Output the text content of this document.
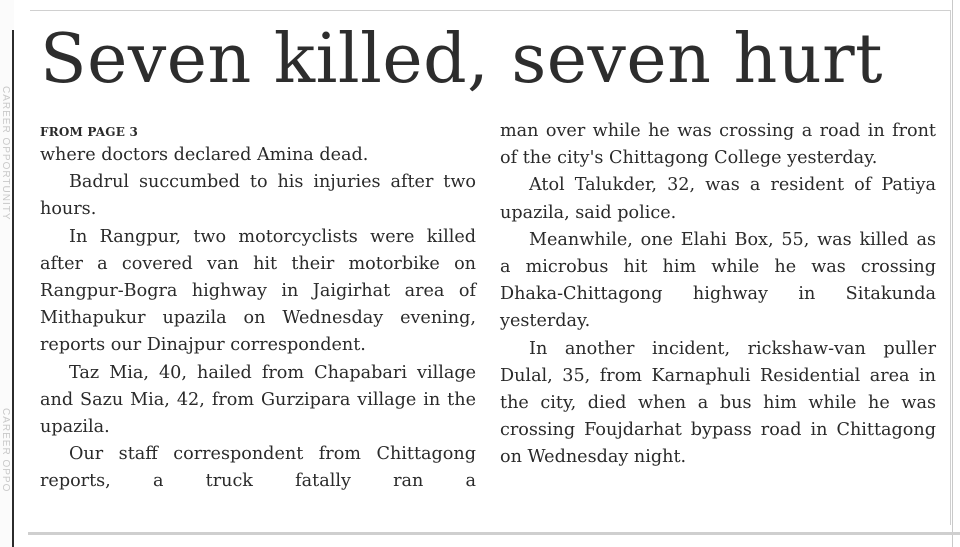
CAREER OPPORTUNITY
CAREER OPPO
Seven killed, seven hurt
FROM PAGE 3

where doctors declared Amina dead.

Badrul succumbed to his injuries after two hours.

In Rangpur, two motorcyclists were killed after a covered van hit their motorbike on Rangpur-Bogra highway in Jaigirhat area of Mithapukur upazila on Wednesday evening, reports our Dinajpur correspondent.

Taz Mia, 40, hailed from Chapabari village and Sazu Mia, 42, from Gurzipara village in the upazila.

Our staff correspondent from Chittagong reports, a truck fatally ran a

man over while he was crossing a road in front of the city's Chittagong College yesterday.

Atol Talukder, 32, was a resident of Patiya upazila, said police.

Meanwhile, one Elahi Box, 55, was killed as a microbus hit him while he was crossing Dhaka-Chittagong highway in Sitakunda yesterday.

In another incident, rickshaw-van puller Dulal, 35, from Karnaphuli Residential area in the city, died when a bus him while he was crossing Foujdarhat bypass road in Chittagong on Wednesday night.
